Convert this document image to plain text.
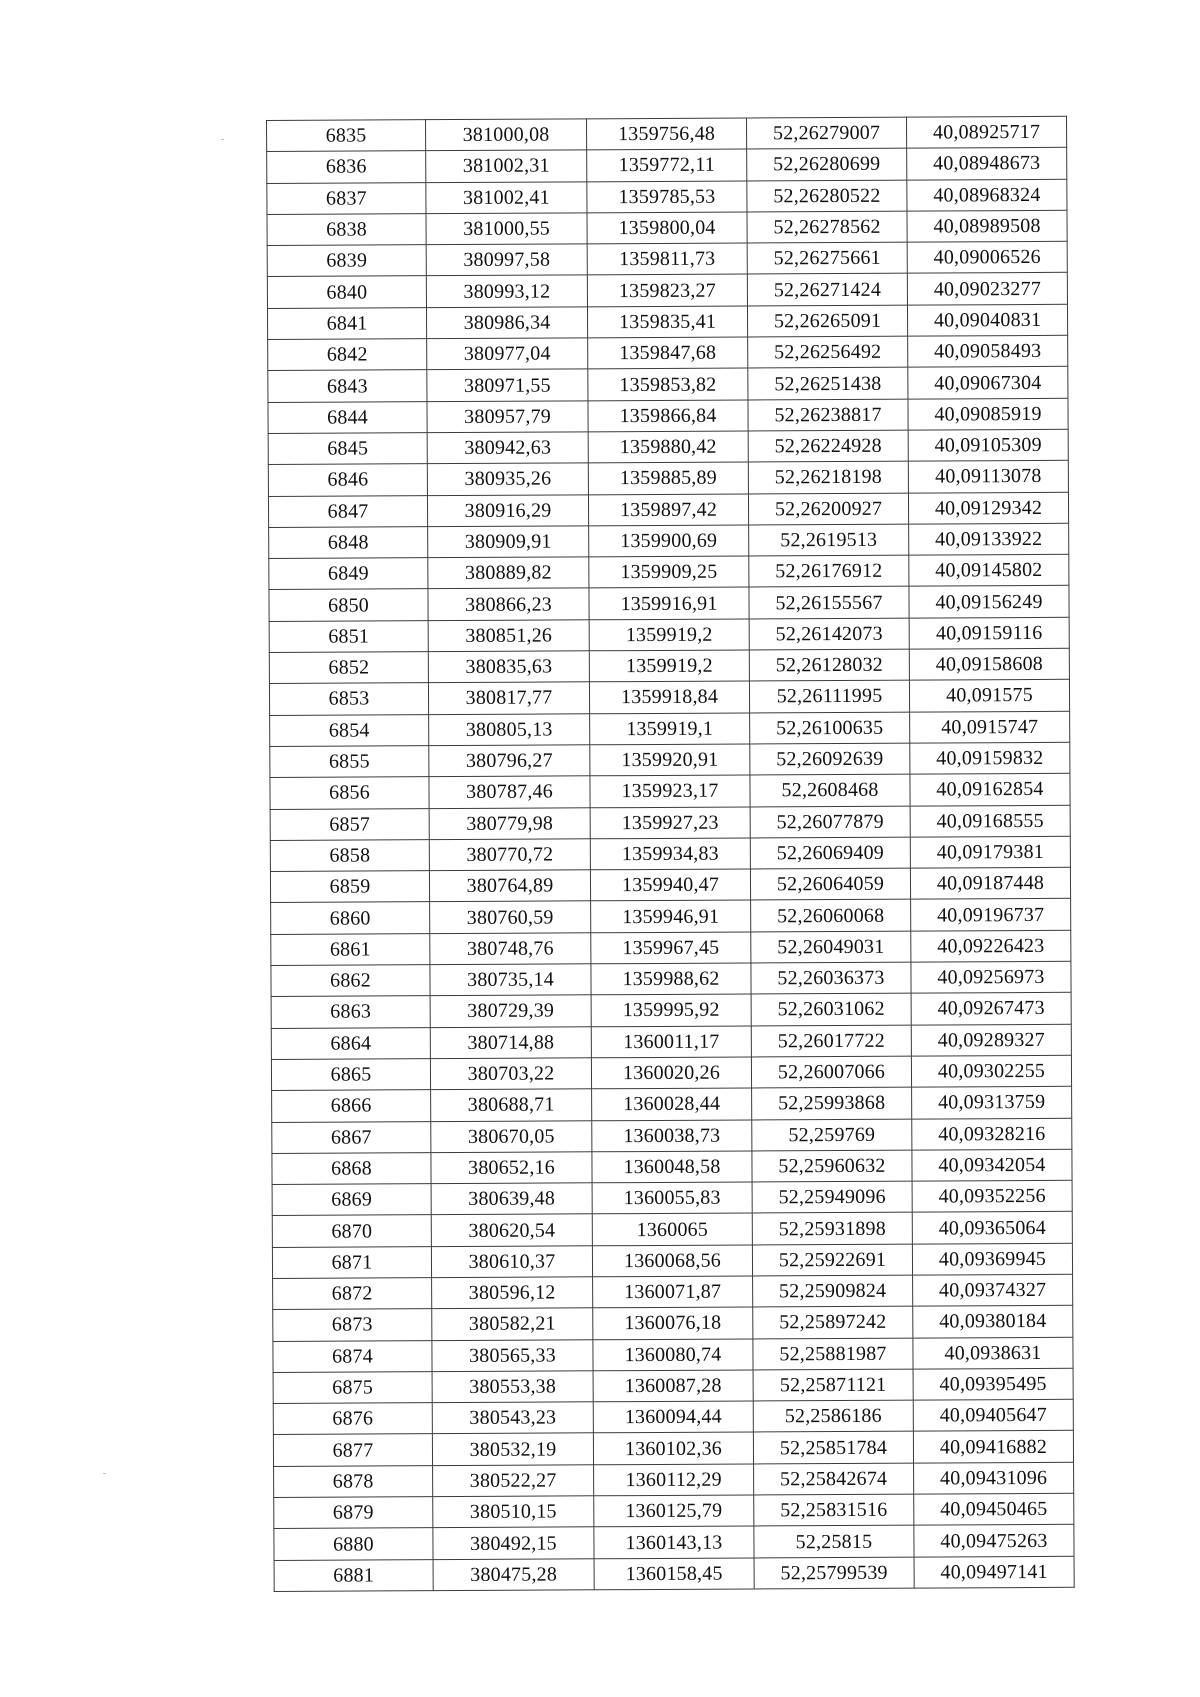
6835	381000,08	1359756,48	52,26279007	40,08925717
6836	381002,31	1359772,11	52,26280699	40,08948673
6837	381002,41	1359785,53	52,26280522	40,08968324
6838	381000,55	1359800,04	52,26278562	40,08989508
6839	380997,58	1359811,73	52,26275661	40,09006526
6840	380993,12	1359823,27	52,26271424	40,09023277
6841	380986,34	1359835,41	52,26265091	40,09040831
6842	380977,04	1359847,68	52,26256492	40,09058493
6843	380971,55	1359853,82	52,26251438	40,09067304
6844	380957,79	1359866,84	52,26238817	40,09085919
6845	380942,63	1359880,42	52,26224928	40,09105309
6846	380935,26	1359885,89	52,26218198	40,09113078
6847	380916,29	1359897,42	52,26200927	40,09129342
6848	380909,91	1359900,69	52,2619513	40,09133922
6849	380889,82	1359909,25	52,26176912	40,09145802
6850	380866,23	1359916,91	52,26155567	40,09156249
6851	380851,26	1359919,2	52,26142073	40,09159116
6852	380835,63	1359919,2	52,26128032	40,09158608
6853	380817,77	1359918,84	52,26111995	40,091575
6854	380805,13	1359919,1	52,26100635	40,0915747
6855	380796,27	1359920,91	52,26092639	40,09159832
6856	380787,46	1359923,17	52,2608468	40,09162854
6857	380779,98	1359927,23	52,26077879	40,09168555
6858	380770,72	1359934,83	52,26069409	40,09179381
6859	380764,89	1359940,47	52,26064059	40,09187448
6860	380760,59	1359946,91	52,26060068	40,09196737
6861	380748,76	1359967,45	52,26049031	40,09226423
6862	380735,14	1359988,62	52,26036373	40,09256973
6863	380729,39	1359995,92	52,26031062	40,09267473
6864	380714,88	1360011,17	52,26017722	40,09289327
6865	380703,22	1360020,26	52,26007066	40,09302255
6866	380688,71	1360028,44	52,25993868	40,09313759
6867	380670,05	1360038,73	52,259769	40,09328216
6868	380652,16	1360048,58	52,25960632	40,09342054
6869	380639,48	1360055,83	52,25949096	40,09352256
6870	380620,54	1360065	52,25931898	40,09365064
6871	380610,37	1360068,56	52,25922691	40,09369945
6872	380596,12	1360071,87	52,25909824	40,09374327
6873	380582,21	1360076,18	52,25897242	40,09380184
6874	380565,33	1360080,74	52,25881987	40,0938631
6875	380553,38	1360087,28	52,25871121	40,09395495
6876	380543,23	1360094,44	52,2586186	40,09405647
6877	380532,19	1360102,36	52,25851784	40,09416882
6878	380522,27	1360112,29	52,25842674	40,09431096
6879	380510,15	1360125,79	52,25831516	40,09450465
6880	380492,15	1360143,13	52,25815	40,09475263
6881	380475,28	1360158,45	52,25799539	40,09497141
